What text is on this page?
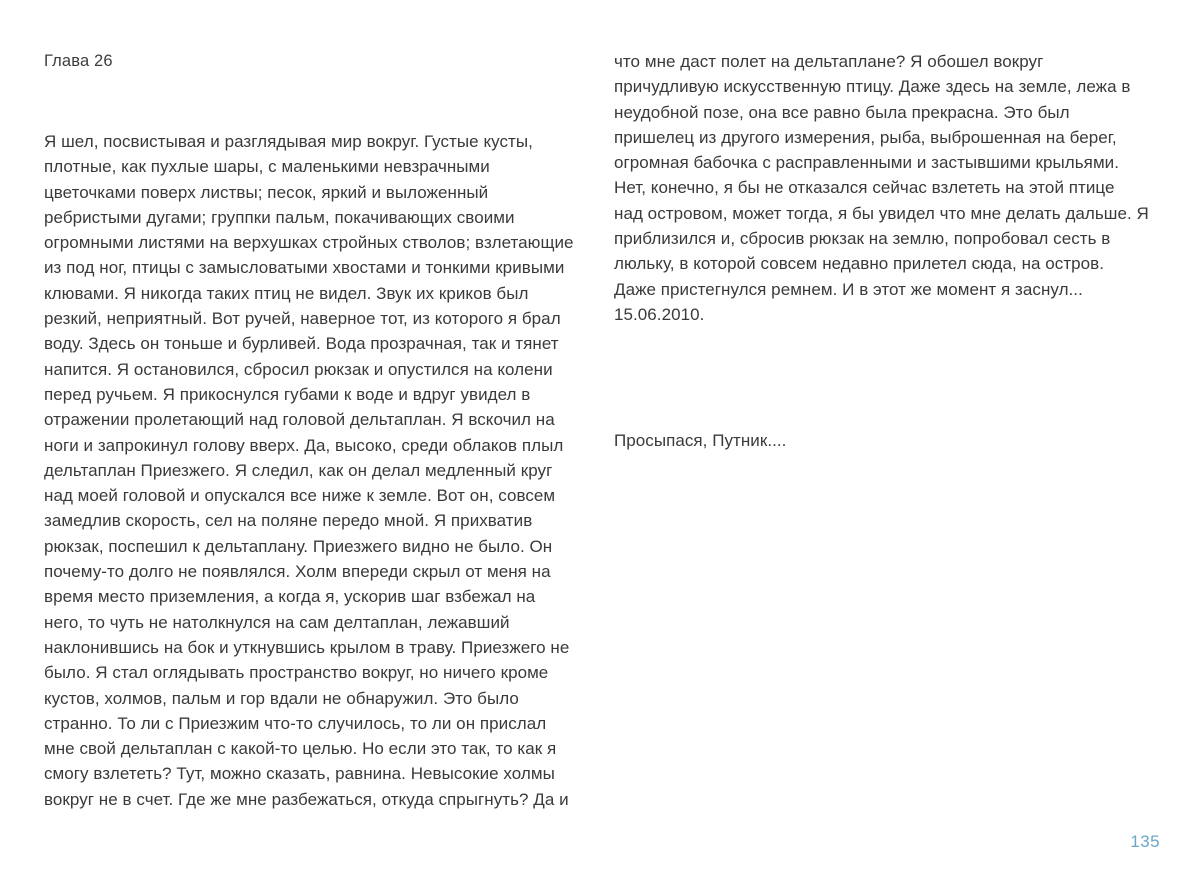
Глава 26
Я шел, посвистывая и разглядывая мир вокруг. Густые кусты,
плотные, как пухлые шары, с маленькими невзрачными
цветочками поверх листвы; песок, яркий и выложенный
ребристыми дугами; группки пальм, покачивающих своими
огромными листями на верхушках стройных стволов; взлетающие
из под ног, птицы с замысловатыми хвостами и тонкими кривыми
клювами. Я никогда таких птиц не видел. Звук их криков был
резкий, неприятный. Вот ручей, наверное тот, из которого я брал
воду. Здесь он тоньше и бурливей. Вода прозрачная, так и тянет
напится. Я остановился, сбросил рюкзак и опустился на колени
перед ручьем. Я прикоснулся губами к воде и вдруг увидел в
отражении пролетающий над головой дельтаплан. Я вскочил на
ноги и запрокинул голову вверх. Да, высоко, среди облаков плыл
дельтаплан Приезжего. Я следил, как он делал медленный круг
над моей головой и опускался все ниже к земле. Вот он, совсем
замедлив скорость, сел на поляне передо мной. Я прихватив
рюкзак, поспешил к дельтаплану. Приезжего видно не было. Он
почему-то долго не появлялся. Холм впереди скрыл от меня на
время место приземления, а когда я, ускорив шаг взбежал на
него, то чуть не натолкнулся на сам делтаплан, лежавший
наклонившись на бок и уткнувшись крылом в траву. Приезжего не
было. Я стал оглядывать пространство вокруг, но ничего кроме
кустов, холмов, пальм и гор вдали не обнаружил. Это было
странно. То ли с Приезжим что-то случилось, то ли он прислал
мне свой дельтаплан с какой-то целью. Но если это так, то как я
смогу взлететь? Тут, можно сказать, равнина. Невысокие холмы
вокруг не в счет. Где же мне разбежаться, откуда спрыгнуть? Да и
что мне даст полет на дельтаплане? Я обошел вокруг
причудливую искусственную птицу. Даже здесь на земле, лежа в
неудобной позе, она все равно была прекрасна. Это был
пришелец из другого измерения, рыба, выброшенная на берег,
огромная бабочка с расправленными и застывшими крыльями.
Нет, конечно, я бы не отказался сейчас взлететь на этой птице
над островом, может тогда, я бы увидел что мне делать дальше. Я
приблизился и, сбросив рюкзак на землю, попробовал сесть в
люльку, в которой совсем недавно прилетел сюда, на остров.
Даже пристегнулся ремнем. И в этот же момент я заснул...
15.06.2010.
Просыпася, Путник....
135
